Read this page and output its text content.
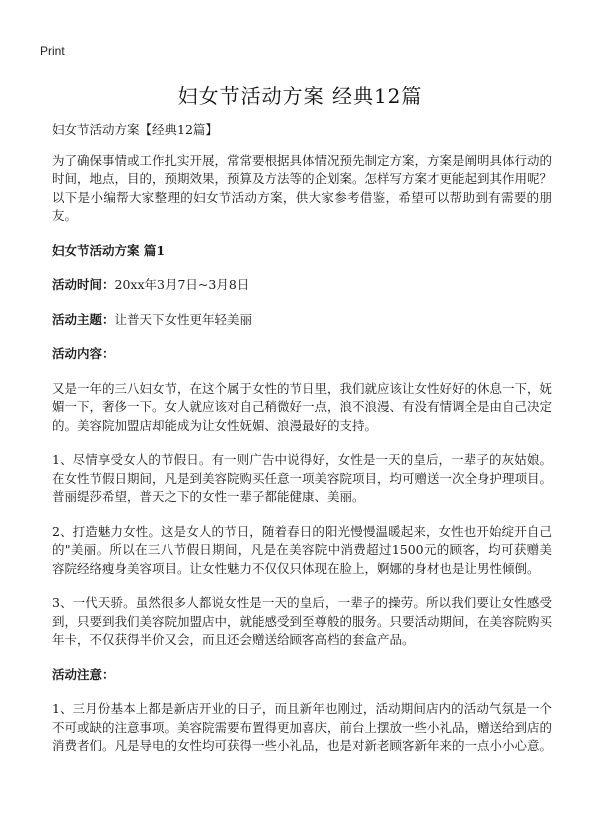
Print
妇女节活动方案 经典12篇

妇女节活动方案【经典12篇】

为了确保事情或工作扎实开展，常常要根据具体情况预先制定方案，方案是阐明具体行动的时间，地点，目的，预期效果，预算及方法等的企划案。怎样写方案才更能起到其作用呢？以下是小编帮大家整理的妇女节活动方案，供大家参考借鉴，希望可以帮助到有需要的朋友。

妇女节活动方案 篇1

活动时间：20xx年3月7日~3月8日

活动主题：让普天下女性更年轻美丽

活动内容：

又是一年的三八妇女节，在这个属于女性的节日里，我们就应该让女性好好的休息一下，妩媚一下，奢侈一下。女人就应该对自己稍微好一点，浪不浪漫、有没有情调全是由自己决定的。美容院加盟店却能成为让女性妩媚、浪漫最好的支持。

1、尽情享受女人的节假日。有一则广告中说得好，女性是一天的皇后，一辈子的灰姑娘。在女性节假日期间，凡是到美容院购买任意一项美容院项目，均可赠送一次全身护理项目。普丽缇莎希望，普天之下的女性一辈子都能健康、美丽。

2、打造魅力女性。这是女人的节日，随着春日的阳光慢慢温暖起来，女性也开始绽开自己的"美丽。所以在三八节假日期间，凡是在美容院中消费超过1500元的顾客，均可获赠美容院经络瘦身美容项目。让女性魅力不仅仅只体现在脸上，婀娜的身材也是让男性倾倒。

3、一代天骄。虽然很多人都说女性是一天的皇后，一辈子的操劳。所以我们要让女性感受到，只要到我们美容院加盟店中，就能感受到至尊般的服务。只要活动期间，在美容院购买年卡，不仅获得半价又会，而且还会赠送给顾客高档的套盒产品。

活动注意：

1、三月份基本上都是新店开业的日子，而且新年也刚过，活动期间店内的活动气氛是一个不可或缺的注意事项。美容院需要布置得更加喜庆，前台上摆放一些小礼品，赠送给到店的消费者们。凡是导电的女性均可获得一些小礼品，也是对新老顾客新年来的一点小小心意。
